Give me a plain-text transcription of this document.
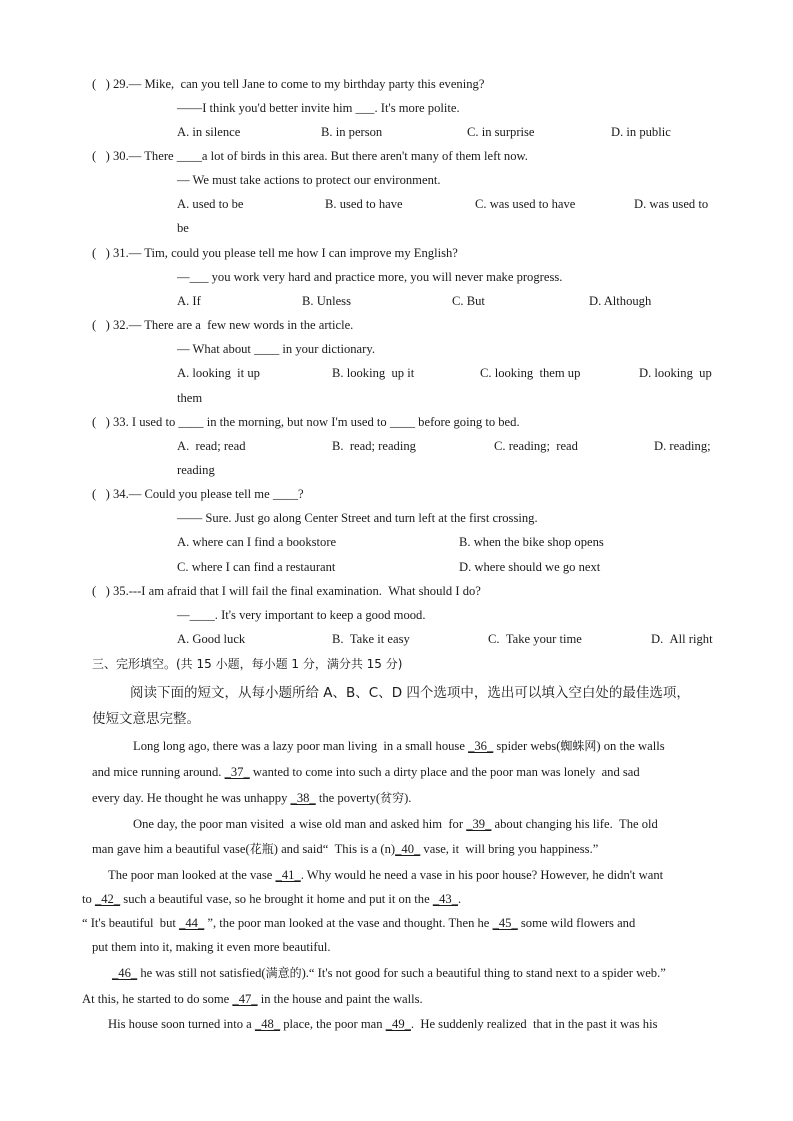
(   ) 29.— Mike,  can you tell Jane to come to my birthday party this evening?
——I think you'd better invite him ___. It's more polite.
A. in silence	B. in person	C. in surprise	D. in public
(   ) 30.— There ____a lot of birds in this area. But there aren't many of them left now.
— We must take actions to protect our environment.
A. used to be	B. used to have	C. was used to have	D. was used to
be
(   ) 31.— Tim, could you please tell me how I can improve my English?
—___ you work very hard and practice more, you will never make progress.
A. If	B. Unless	C. But	D. Although
(   ) 32.— There are a  few new words in the article.
— What about ____ in your dictionary.
A. looking  it up	B. looking  up it	C. looking  them up	D. looking  up
them
(   ) 33. I used to ____ in the morning, but now I'm used to ____ before going to bed.
A.  read; read	B.  read; reading	C. reading;  read	D. reading;
reading
(   ) 34.— Could you please tell me ____?
—— Sure. Just go along Center Street and turn left at the first crossing.
A. where can I find a bookstore	B. when the bike shop opens
C. where I can find a restaurant	D. where should we go next
(   ) 35.---I am afraid that I will fail the final examination.  What should I do?
—____. It's very important to keep a good mood.
A. Good luck	B.  Take it easy	C.  Take your time	D.  All right
三、完形填空。(共 15 小题，每小题 1 分，满分共 15 分)
阅读下面的短文，从每小题所给 A、B、C、D 四个选项中，选出可以填入空白处的最佳选项，
使短文意思完整。
Long long ago, there was a lazy poor man living  in a small house _36_ spider webs(蜘蛛网) on the walls
and mice running around. _37_ wanted to come into such a dirty place and the poor man was lonely  and sad
every day. He thought he was unhappy _38_ the poverty(贫穷).
One day, the poor man visited  a wise old man and asked him  for _39_ about changing his life.  The old
man gave him a beautiful vase(花瓶) and said“  This is a (n)_40_ vase, it  will bring you happiness.”
The poor man looked at the vase _41_. Why would he need a vase in his poor house? However, he didn't want
to _42_ such a beautiful vase, so he brought it home and put it on the _43_.
“ It's beautiful  but _44_ ”, the poor man looked at the vase and thought. Then he _45_ some wild flowers and
put them into it, making it even more beautiful.
_46_ he was still not satisfied(满意的).“ It's not good for such a beautiful thing to stand next to a spider web.”
At this, he started to do some _47_ in the house and paint the walls.
His house soon turned into a _48_ place, the poor man _49_.  He suddenly realized  that in the past it was his
